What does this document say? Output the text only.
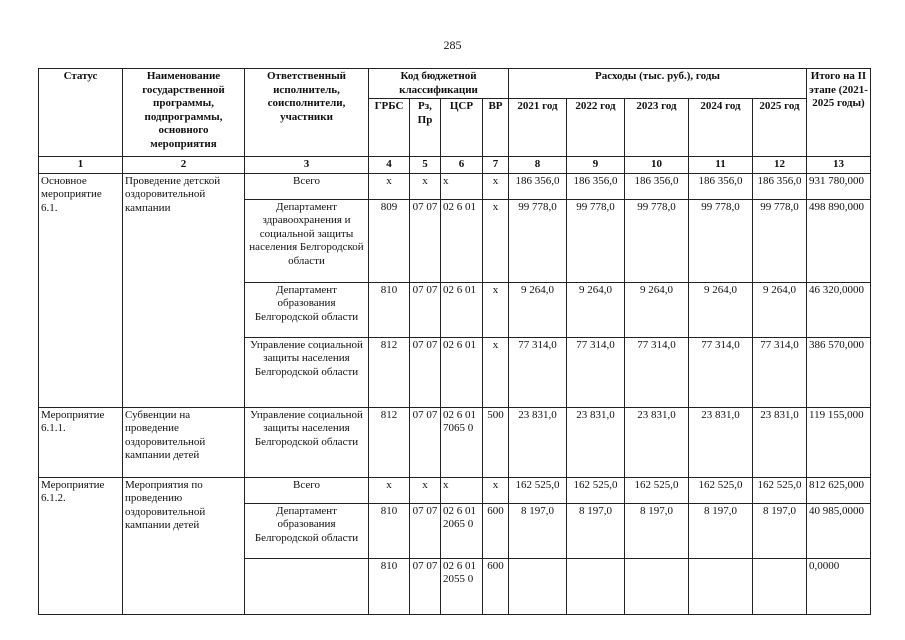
285
Статус	Наименование государственной программы, подпрограммы, основного мероприятия	Ответственный исполнитель, соисполнители, участники	Код бюджетной классификации				Расходы (тыс. руб.), годы					Итого на II этапе (2021-2025 годы)
			ГРБС	Рз, Пр	ЦСР	ВР	2021 год	2022 год	2023 год	2024 год	2025 год	
1	2	3	4	5	6	7	8	9	10	11	12	13
Основное мероприятие 6.1.	Проведение детской оздоровительной кампании	Всего	х	х	х	х	186 356,0	186 356,0	186 356,0	186 356,0	186 356,0	931 780,000
		Департамент здравоохранения и социальной защиты населения Белгородской области	809	07 07	02 6 01	х	99 778,0	99 778,0	99 778,0	99 778,0	99 778,0	498 890,000
		Департамент образования Белгородской области	810	07 07	02 6 01	х	9 264,0	9 264,0	9 264,0	9 264,0	9 264,0	46 320,0000
		Управление социальной защиты населения Белгородской области	812	07 07	02 6 01	х	77 314,0	77 314,0	77 314,0	77 314,0	77 314,0	386 570,000
Мероприятие 6.1.1.	Субвенции на проведение оздоровительной кампании детей	Управление социальной защиты населения Белгородской области	812	07 07	02 6 01 7065 0	500	23 831,0	23 831,0	23 831,0	23 831,0	23 831,0	119 155,000
Мероприятие 6.1.2.	Мероприятия по проведению оздоровительной кампании детей	Всего	х	х	х	х	162 525,0	162 525,0	162 525,0	162 525,0	162 525,0	812 625,000
		Департамент образования Белгородской области	810	07 07	02 6 01 2065 0	600	8 197,0	8 197,0	8 197,0	8 197,0	8 197,0	40 985,0000
			810	07 07	02 6 01 2055 0	600						0,0000
